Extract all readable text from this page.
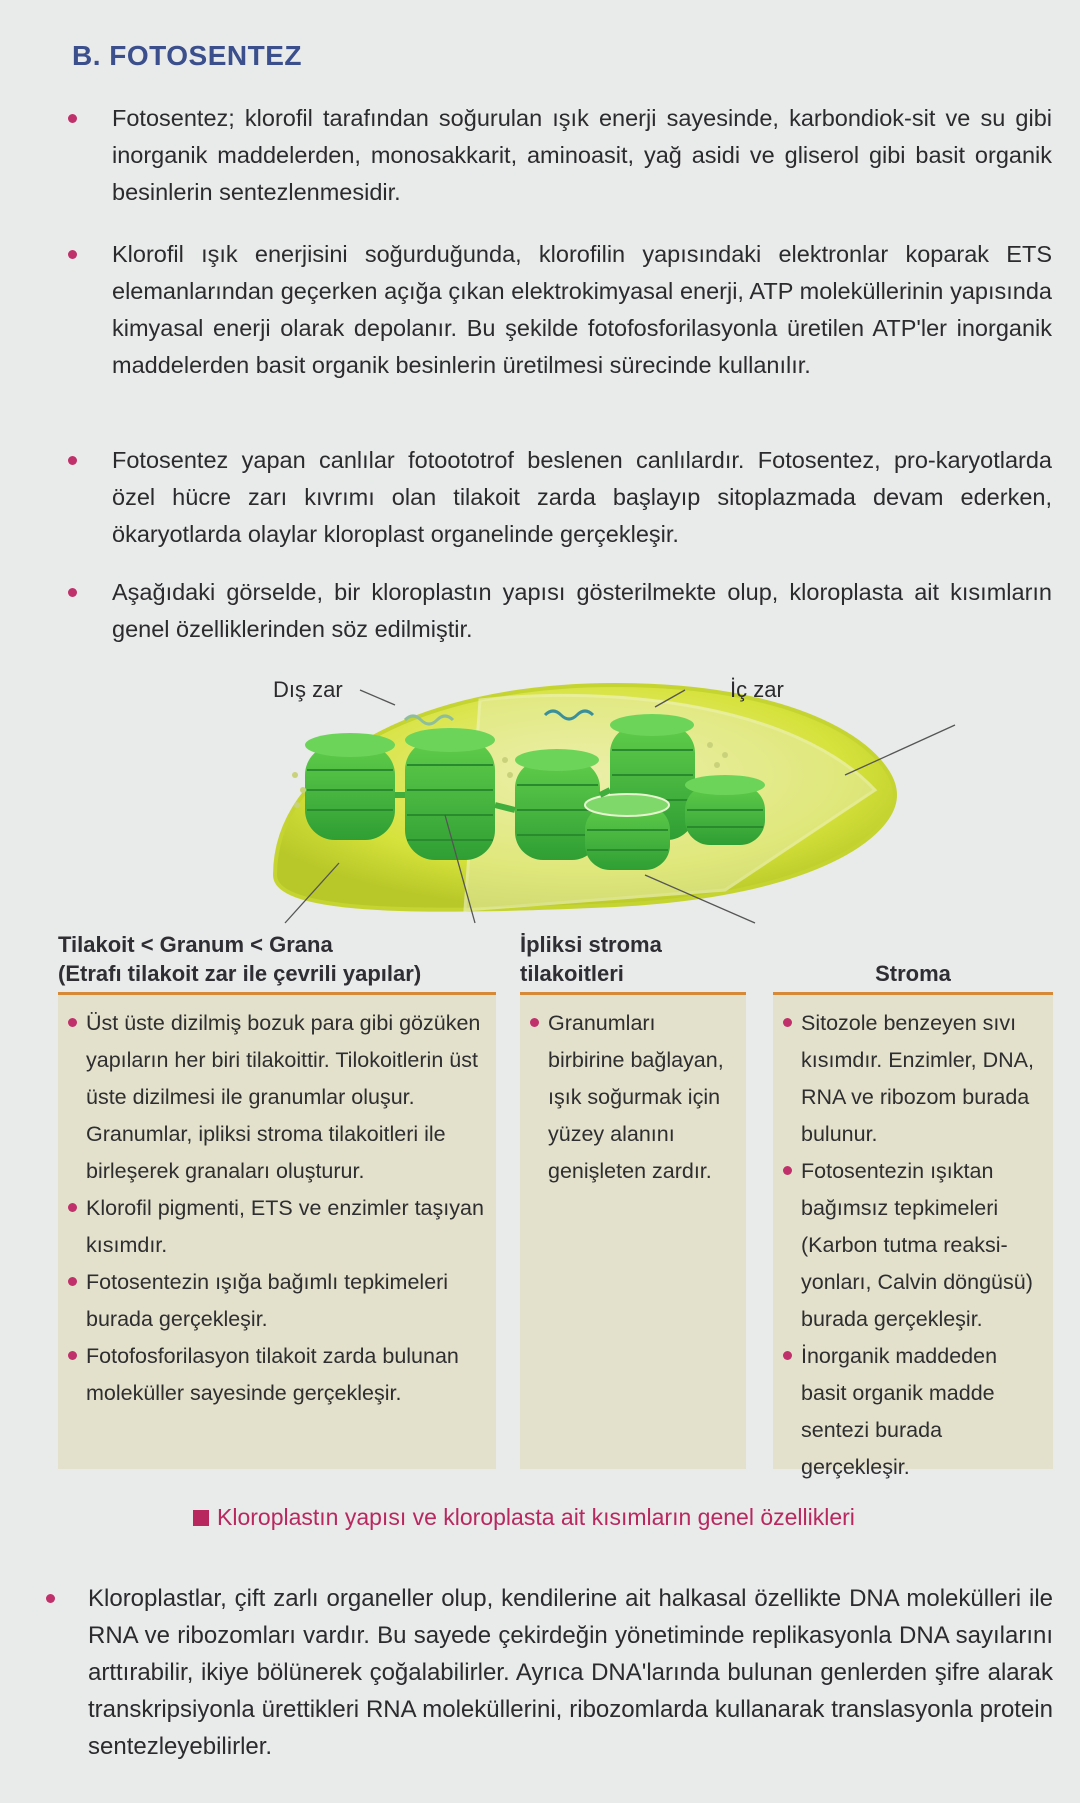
B. FOTOSENTEZ
Fotosentez; klorofil tarafından soğurulan ışık enerji sayesinde, karbondiok-sit ve su gibi inorganik maddelerden, monosakkarit, aminoasit, yağ asidi ve gliserol gibi basit organik besinlerin sentezlenmesidir.
Klorofil ışık enerjisini soğurduğunda, klorofilin yapısındaki elektronlar koparak ETS elemanlarından geçerken açığa çıkan elektrokimyasal enerji, ATP moleküllerinin yapısında kimyasal enerji olarak depolanır. Bu şekilde fotofosforilasyonla üretilen ATP'ler inorganik maddelerden basit organik besinlerin üretilmesi sürecinde kullanılır.
Fotosentez yapan canlılar fotoototrof beslenen canlılardır. Fotosentez, pro-karyotlarda özel hücre zarı kıvrımı olan tilakoit zarda başlayıp sitoplazmada devam ederken, ökaryotlarda olaylar kloroplast organelinde gerçekleşir.
Aşağıdaki görselde, bir kloroplastın yapısı gösterilmekte olup, kloroplasta ait kısımların genel özelliklerinden söz edilmiştir.
Dış zar	İç zar
Tilakoit < Granum < Grana
(Etrafı tilakoit zar ile çevrili yapılar)
Üst üste dizilmiş bozuk para gibi gözüken yapıların her biri tilakoittir. Tilokoitlerin üst üste dizilmesi ile granumlar oluşur. Granumlar, ipliksi stroma tilakoitleri ile birleşerek granaları oluşturur.
Klorofil pigmenti, ETS ve enzimler taşıyan kısımdır.
Fotosentezin ışığa bağımlı tepkimeleri burada gerçekleşir.
Fotofosforilasyon tilakoit zarda bulunan moleküller sayesinde gerçekleşir.
İpliksi stroma
tilakoitleri
Granumları birbirine bağlayan, ışık soğurmak için yüzey alanını genişleten zardır.
Stroma
Sitozole benzeyen sıvı kısımdır. Enzimler, DNA, RNA ve ribozom burada bulunur.
Fotosentezin ışıktan bağımsız tepkimeleri (Karbon tutma reaksi-yonları, Calvin döngüsü) burada gerçekleşir.
İnorganik maddeden basit organik madde sentezi burada gerçekleşir.
Kloroplastın yapısı ve kloroplasta ait kısımların genel özellikleri
Kloroplastlar, çift zarlı organeller olup, kendilerine ait halkasal özellikte DNA molekülleri ile RNA ve ribozomları vardır. Bu sayede çekirdeğin yönetiminde replikasyonla DNA sayılarını arttırabilir, ikiye bölünerek çoğalabilirler. Ayrıca DNA'larında bulunan genlerden şifre alarak transkripsiyonla ürettikleri RNA moleküllerini, ribozomlarda kullanarak translasyonla protein sentezleyebilirler.
